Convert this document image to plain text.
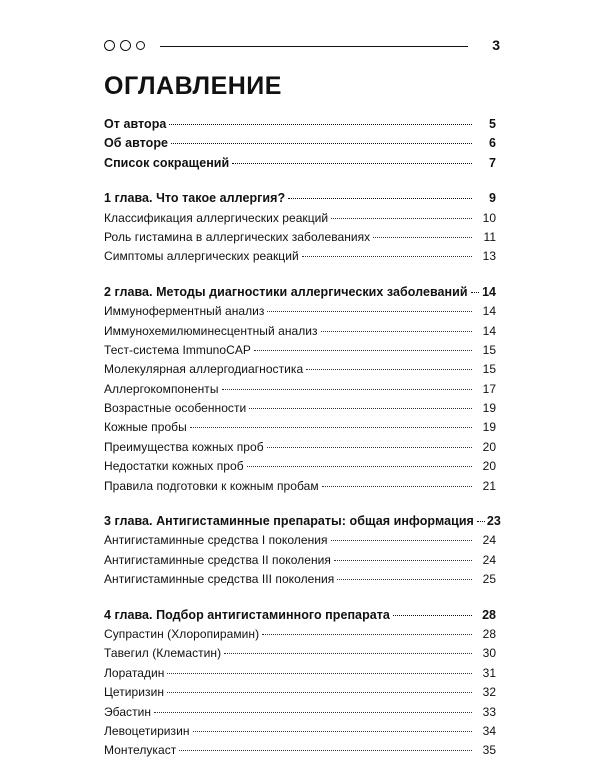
3
ОГЛАВЛЕНИЕ
От автора	5
Об авторе	6
Список сокращений	7
1 глава. Что такое аллергия?	9
Классификация аллергических реакций	10
Роль гистамина в аллергических заболеваниях	11
Симптомы аллергических реакций	13
2 глава. Методы диагностики аллергических заболеваний 14
Иммуноферментный анализ	14
Иммунохемилюминесцентный анализ	14
Тест-система ImmunoCAP	15
Молекулярная аллергодиагностика	15
Аллергокомпоненты	17
Возрастные особенности	19
Кожные пробы	19
Преимущества кожных проб	20
Недостатки кожных проб	20
Правила подготовки к кожным пробам	21
3 глава. Антигистаминные препараты: общая информация 23
Антигистаминные средства I поколения	24
Антигистаминные средства II поколения	24
Антигистаминные средства III поколения	25
4 глава. Подбор антигистаминного препарата	28
Супрастин (Хлоропирамин)	28
Тавегил (Клемастин)	30
Лоратадин	31
Цетиризин	32
Эбастин	33
Левоцетиризин	34
Монтелукаст	35
